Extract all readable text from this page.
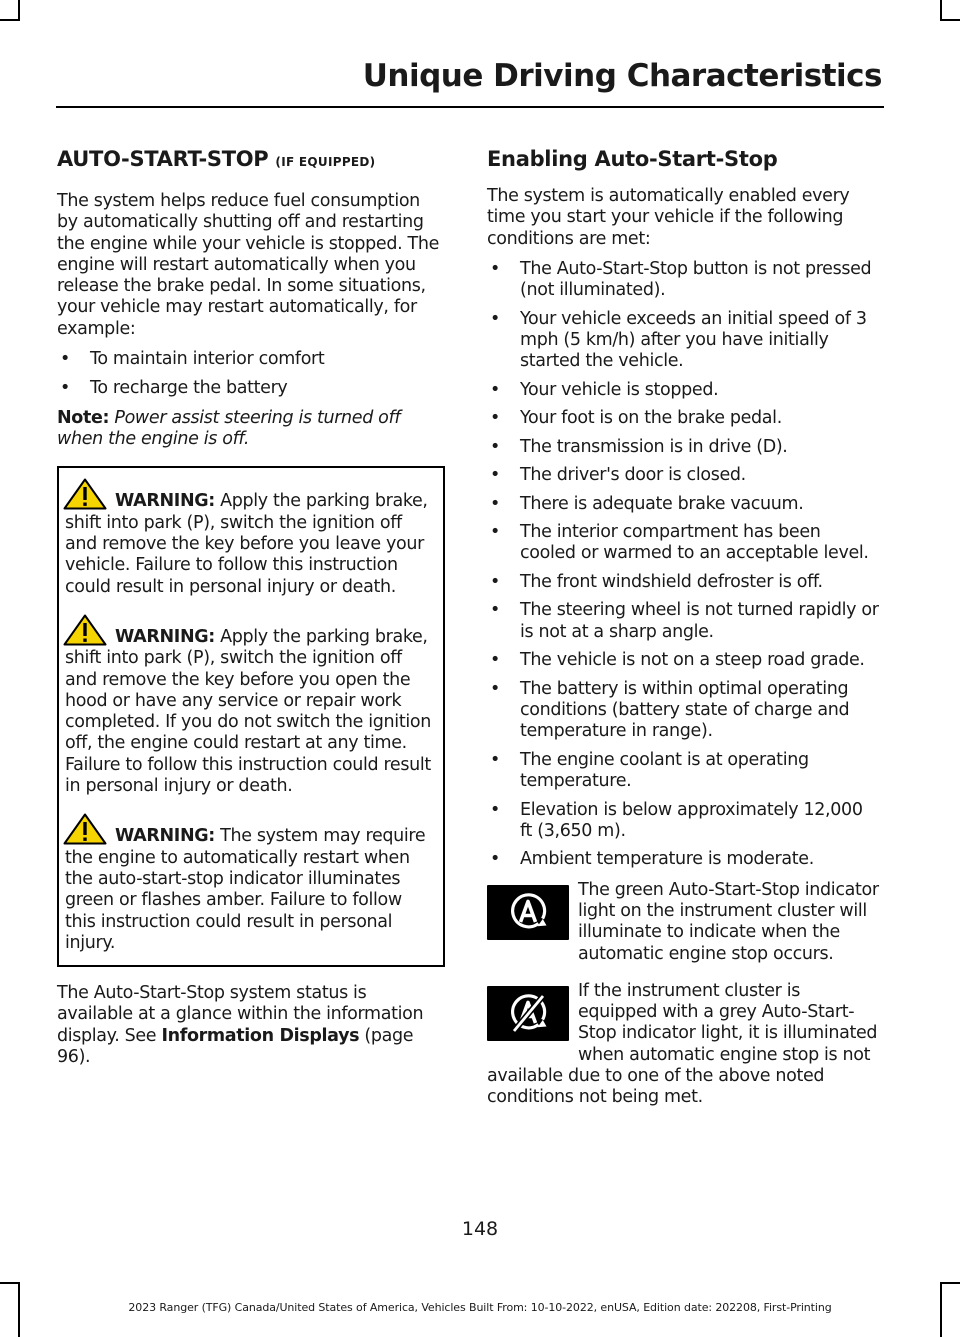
Unique Driving Characteristics
AUTO-START-STOP (IF EQUIPPED)

The system helps reduce fuel consumption by automatically shutting off and restarting the engine while your vehicle is stopped. The engine will restart automatically when you release the brake pedal. In some situations, your vehicle may restart automatically, for example:

• To maintain interior comfort
• To recharge the battery

Note: Power assist steering is turned off when the engine is off.

WARNING: Apply the parking brake, shift into park (P), switch the ignition off and remove the key before you leave your vehicle. Failure to follow this instruction could result in personal injury or death.

WARNING: Apply the parking brake, shift into park (P), switch the ignition off and remove the key before you open the hood or have any service or repair work completed. If you do not switch the ignition off, the engine could restart at any time. Failure to follow this instruction could result in personal injury or death.

WARNING: The system may require the engine to automatically restart when the auto-start-stop indicator illuminates green or flashes amber. Failure to follow this instruction could result in personal injury.

The Auto-Start-Stop system status is available at a glance within the information display. See Information Displays (page 96).

Enabling Auto-Start-Stop

The system is automatically enabled every time you start your vehicle if the following conditions are met:

• The Auto-Start-Stop button is not pressed (not illuminated).
• Your vehicle exceeds an initial speed of 3 mph (5 km/h) after you have initially started the vehicle.
• Your vehicle is stopped.
• Your foot is on the brake pedal.
• The transmission is in drive (D).
• The driver's door is closed.
• There is adequate brake vacuum.
• The interior compartment has been cooled or warmed to an acceptable level.
• The front windshield defroster is off.
• The steering wheel is not turned rapidly or is not at a sharp angle.
• The vehicle is not on a steep road grade.
• The battery is within optimal operating conditions (battery state of charge and temperature in range).
• The engine coolant is at operating temperature.
• Elevation is below approximately 12,000 ft (3,650 m).
• Ambient temperature is moderate.
The green Auto-Start-Stop indicator light on the instrument cluster will illuminate to indicate when the automatic engine stop occurs.
If the instrument cluster is equipped with a grey Auto-Start-Stop indicator light, it is illuminated when automatic engine stop is not available due to one of the above noted conditions not being met.
148
2023 Ranger (TFG) Canada/United States of America, Vehicles Built From: 10-10-2022, enUSA, Edition date: 202208, First-Printing
